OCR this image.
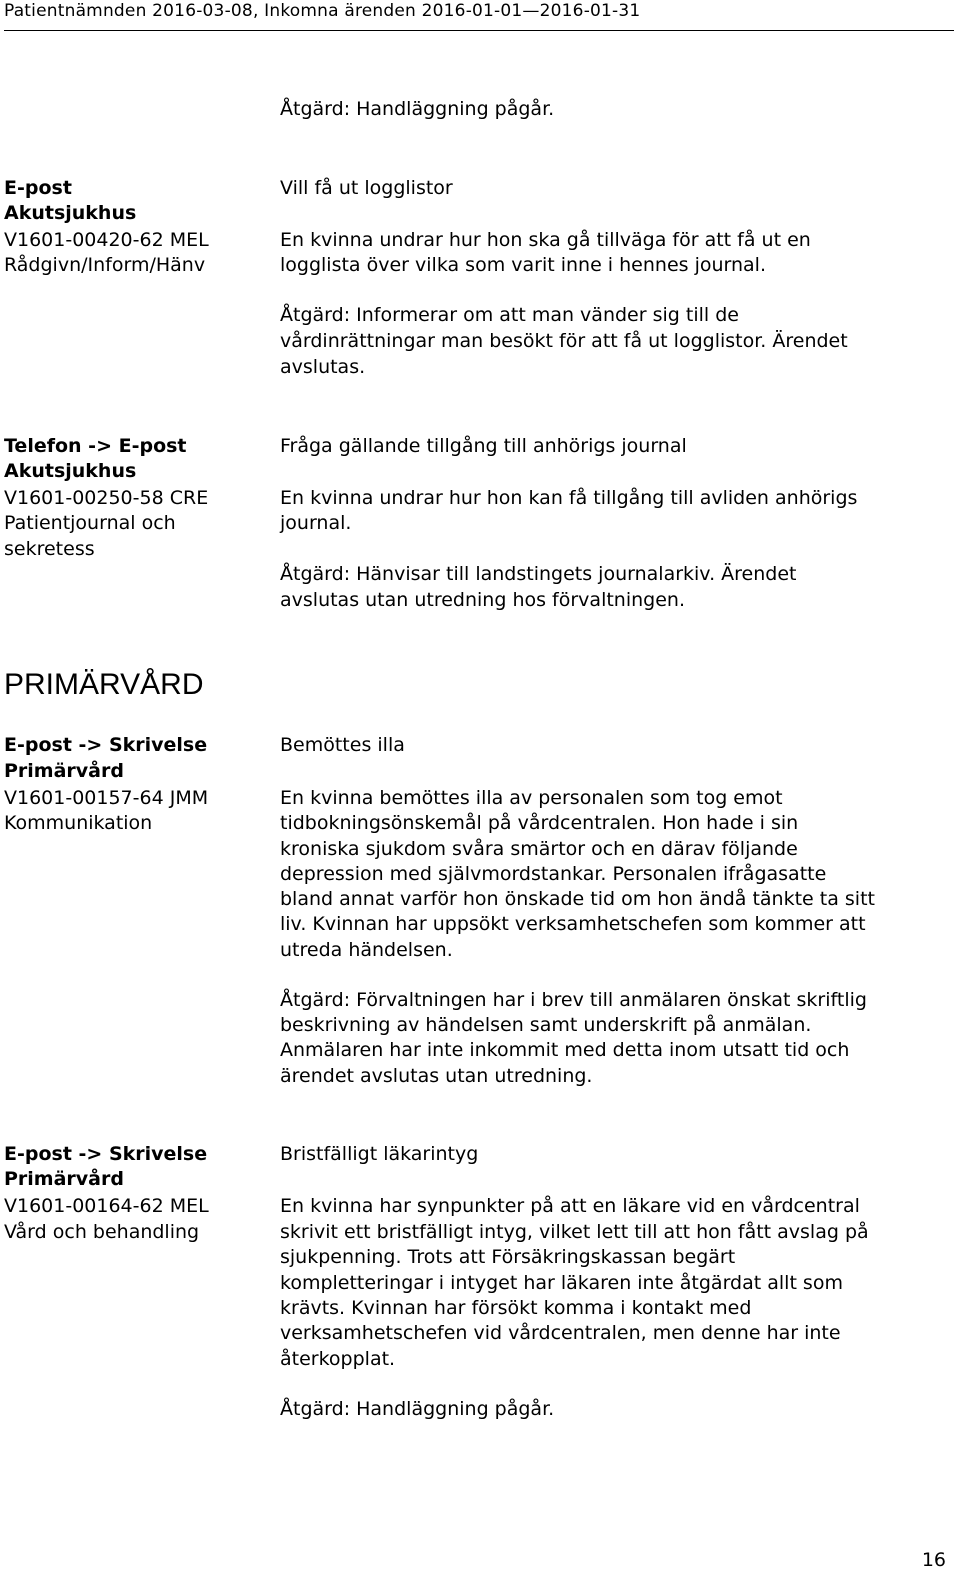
Patientnämnden 2016-03-08, Inkomna ärenden 2016-01-01—2016-01-31
Åtgärd: Handläggning pågår.
E-post
Akutsjukhus
V1601-00420-62 MEL
Rådgivn/Inform/Hänv
Vill få ut logglistor
En kvinna undrar hur hon ska gå tillväga för att få ut en
logglista över vilka som varit inne i hennes journal.
Åtgärd: Informerar om att man vänder sig till de
vårdinrättningar man besökt för att få ut logglistor. Ärendet
avslutas.
Telefon -> E-post
Akutsjukhus
V1601-00250-58 CRE
Patientjournal och
sekretess
Fråga gällande tillgång till anhörigs journal
En kvinna undrar hur hon kan få tillgång till avliden anhörigs
journal.
Åtgärd: Hänvisar till landstingets journalarkiv. Ärendet
avslutas utan utredning hos förvaltningen.
PRIMÄRVÅRD
E-post -> Skrivelse
Primärvård
V1601-00157-64 JMM
Kommunikation
Bemöttes illa
En kvinna bemöttes illa av personalen som tog emot
tidbokningsönskemål på vårdcentralen. Hon hade i sin
kroniska sjukdom svåra smärtor och en därav följande
depression med självmordstankar. Personalen ifrågasatte
bland annat varför hon önskade tid om hon ändå tänkte ta sitt
liv. Kvinnan har uppsökt verksamhetschefen som kommer att
utreda händelsen.
Åtgärd: Förvaltningen har i brev till anmälaren önskat skriftlig
beskrivning av händelsen samt underskrift på anmälan.
Anmälaren har inte inkommit med detta inom utsatt tid och
ärendet avslutas utan utredning.
E-post -> Skrivelse
Primärvård
V1601-00164-62 MEL
Vård och behandling
Bristfälligt läkarintyg
En kvinna har synpunkter på att en läkare vid en vårdcentral
skrivit ett bristfälligt intyg, vilket lett till att hon fått avslag på
sjukpenning. Trots att Försäkringskassan begärt
kompletteringar i intyget har läkaren inte åtgärdat allt som
krävts. Kvinnan har försökt komma i kontakt med
verksamhetschefen vid vårdcentralen, men denne har inte
återkopplat.
Åtgärd: Handläggning pågår.
16
